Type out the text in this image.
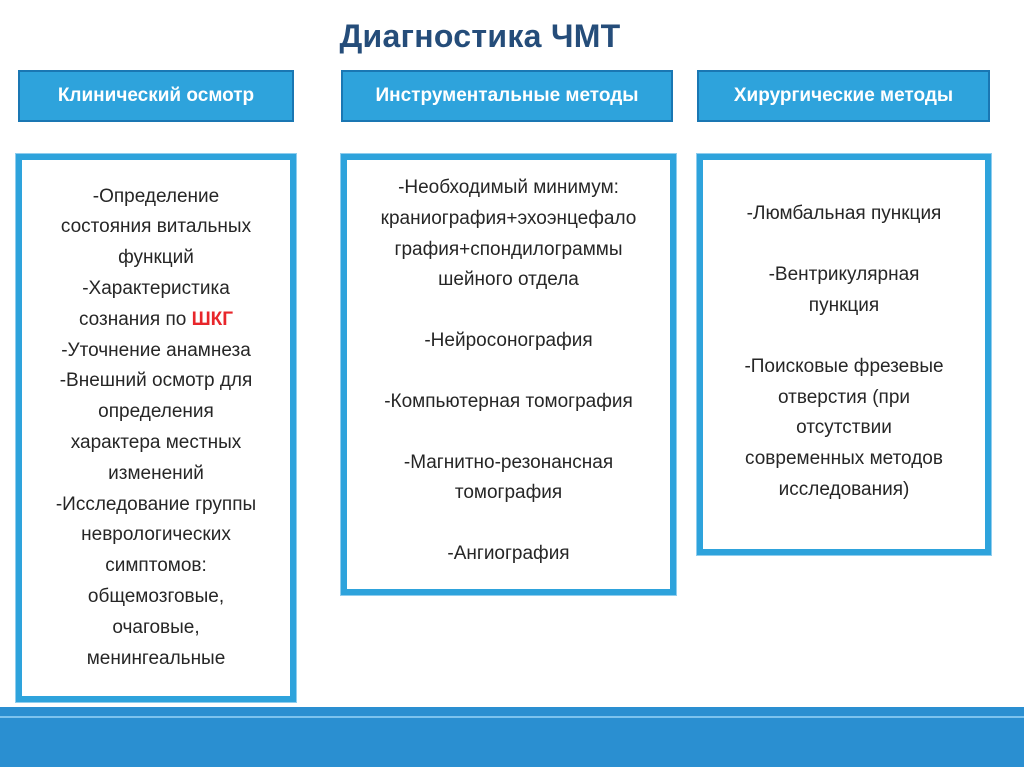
Диагностика ЧМТ
Клинический осмотр	Инструментальные методы	Хирургические методы

-Определение

состояния витальных

функций

-Характеристика

сознания по ШКГ

-Уточнение анамнеза

-Внешний осмотр для

определения

характера местных

изменений

-Исследование группы

неврологических

симптомов:

общемозговые,

очаговые,

менингеальные

-Необходимый минимум:

краниография+эхоэнцефало

графия+спондилограммы

шейного отдела

-Нейросонография

-Компьютерная томография

-Магнитно-резонансная

томография

-Ангиография

-Люмбальная пункция

-Вентрикулярная

пункция

-Поисковые фрезевые

отверстия (при

отсутствии

современных методов

исследования)
